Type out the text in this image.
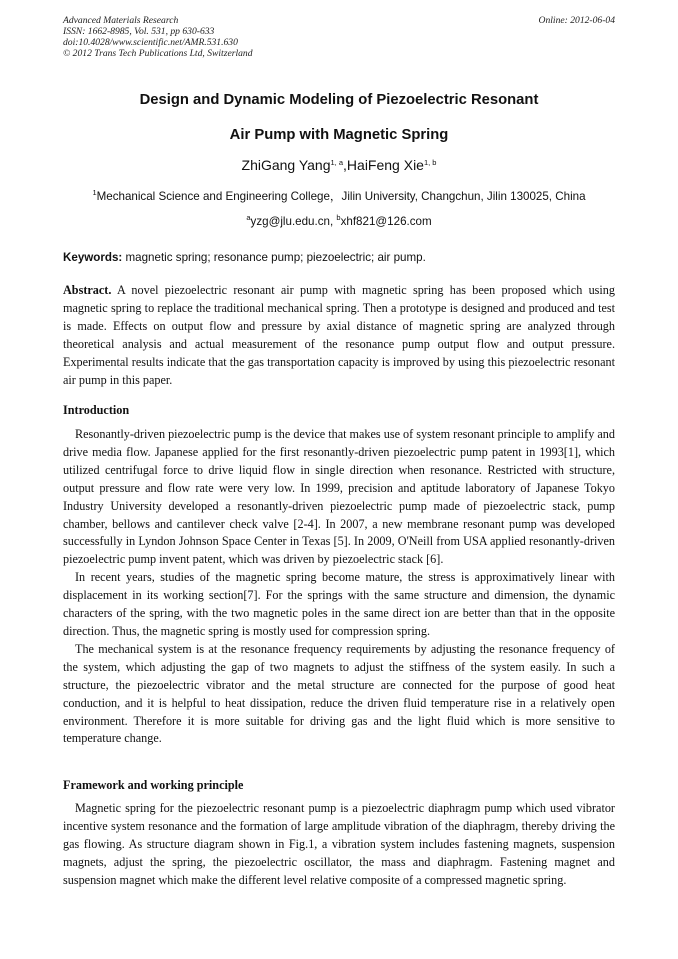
Advanced Materials Research
ISSN: 1662-8985, Vol. 531, pp 630-633
doi:10.4028/www.scientific.net/AMR.531.630
© 2012 Trans Tech Publications Ltd, Switzerland
Online: 2012-06-04
Design and Dynamic Modeling of Piezoelectric Resonant
Air Pump with Magnetic Spring
ZhiGang Yang$^{1, a}$,HaiFeng Xie$^{1, b}$
$^1$Mechanical Science and Engineering College，Jilin University, Changchun, Jilin 130025, China
$^a$yzg@jlu.edu.cn, $^b$xhf821@126.com
Keywords: magnetic spring; resonance pump; piezoelectric; air pump.

Abstract. A novel piezoelectric resonant air pump with magnetic spring has been proposed which using magnetic spring to replace the traditional mechanical spring. Then a prototype is designed and produced and test is made. Effects on output flow and pressure by axial distance of magnetic spring are analyzed through theoretical analysis and actual measurement of the resonance pump output flow and output pressure. Experimental results indicate that the gas transportation capacity is improved by using this piezoelectric resonant air pump in this paper.

Introduction

Resonantly-driven piezoelectric pump is the device that makes use of system resonant principle to amplify and drive media flow. Japanese applied for the first resonantly-driven piezoelectric pump patent in 1993[1], which utilized centrifugal force to drive liquid flow in single direction when resonance. Restricted with structure, output pressure and flow rate were very low. In 1999, precision and aptitude laboratory of Japanese Tokyo Industry University developed a resonantly-driven piezoelectric pump made of piezoelectric stack, pump chamber, bellows and cantilever check valve [2-4]. In 2007, a new membrane resonant pump was developed successfully in Lyndon Johnson Space Center in Texas [5]. In 2009, O'Neill from USA applied resonantly-driven piezoelectric pump invent patent, which was driven by piezoelectric stack [6].

In recent years, studies of the magnetic spring become mature, the stress is approximatively linear with displacement in its working section[7]. For the springs with the same structure and dimension, the dynamic characters of the spring, with the two magnetic poles in the same direct ion are better than that in the opposite direction. Thus, the magnetic spring is mostly used for compression spring.

The mechanical system is at the resonance frequency requirements by adjusting the resonance frequency of the system, which adjusting the gap of two magnets to adjust the stiffness of the system easily. In such a structure, the piezoelectric vibrator and the metal structure are connected for the purpose of good heat conduction, and it is helpful to heat dissipation, reduce the driven fluid temperature rise in a relatively open environment. Therefore it is more suitable for driving gas and the light fluid which is more sensitive to temperature change.

Framework and working principle

Magnetic spring for the piezoelectric resonant pump is a piezoelectric diaphragm pump which used vibrator incentive system resonance and the formation of large amplitude vibration of the diaphragm, thereby driving the gas flowing. As structure diagram shown in Fig.1, a vibration system includes fastening magnets, suspension magnets, adjust the spring, the piezoelectric oscillator, the mass and diaphragm. Fastening magnet and suspension magnet which make the different level relative composite of a compressed magnetic spring.
